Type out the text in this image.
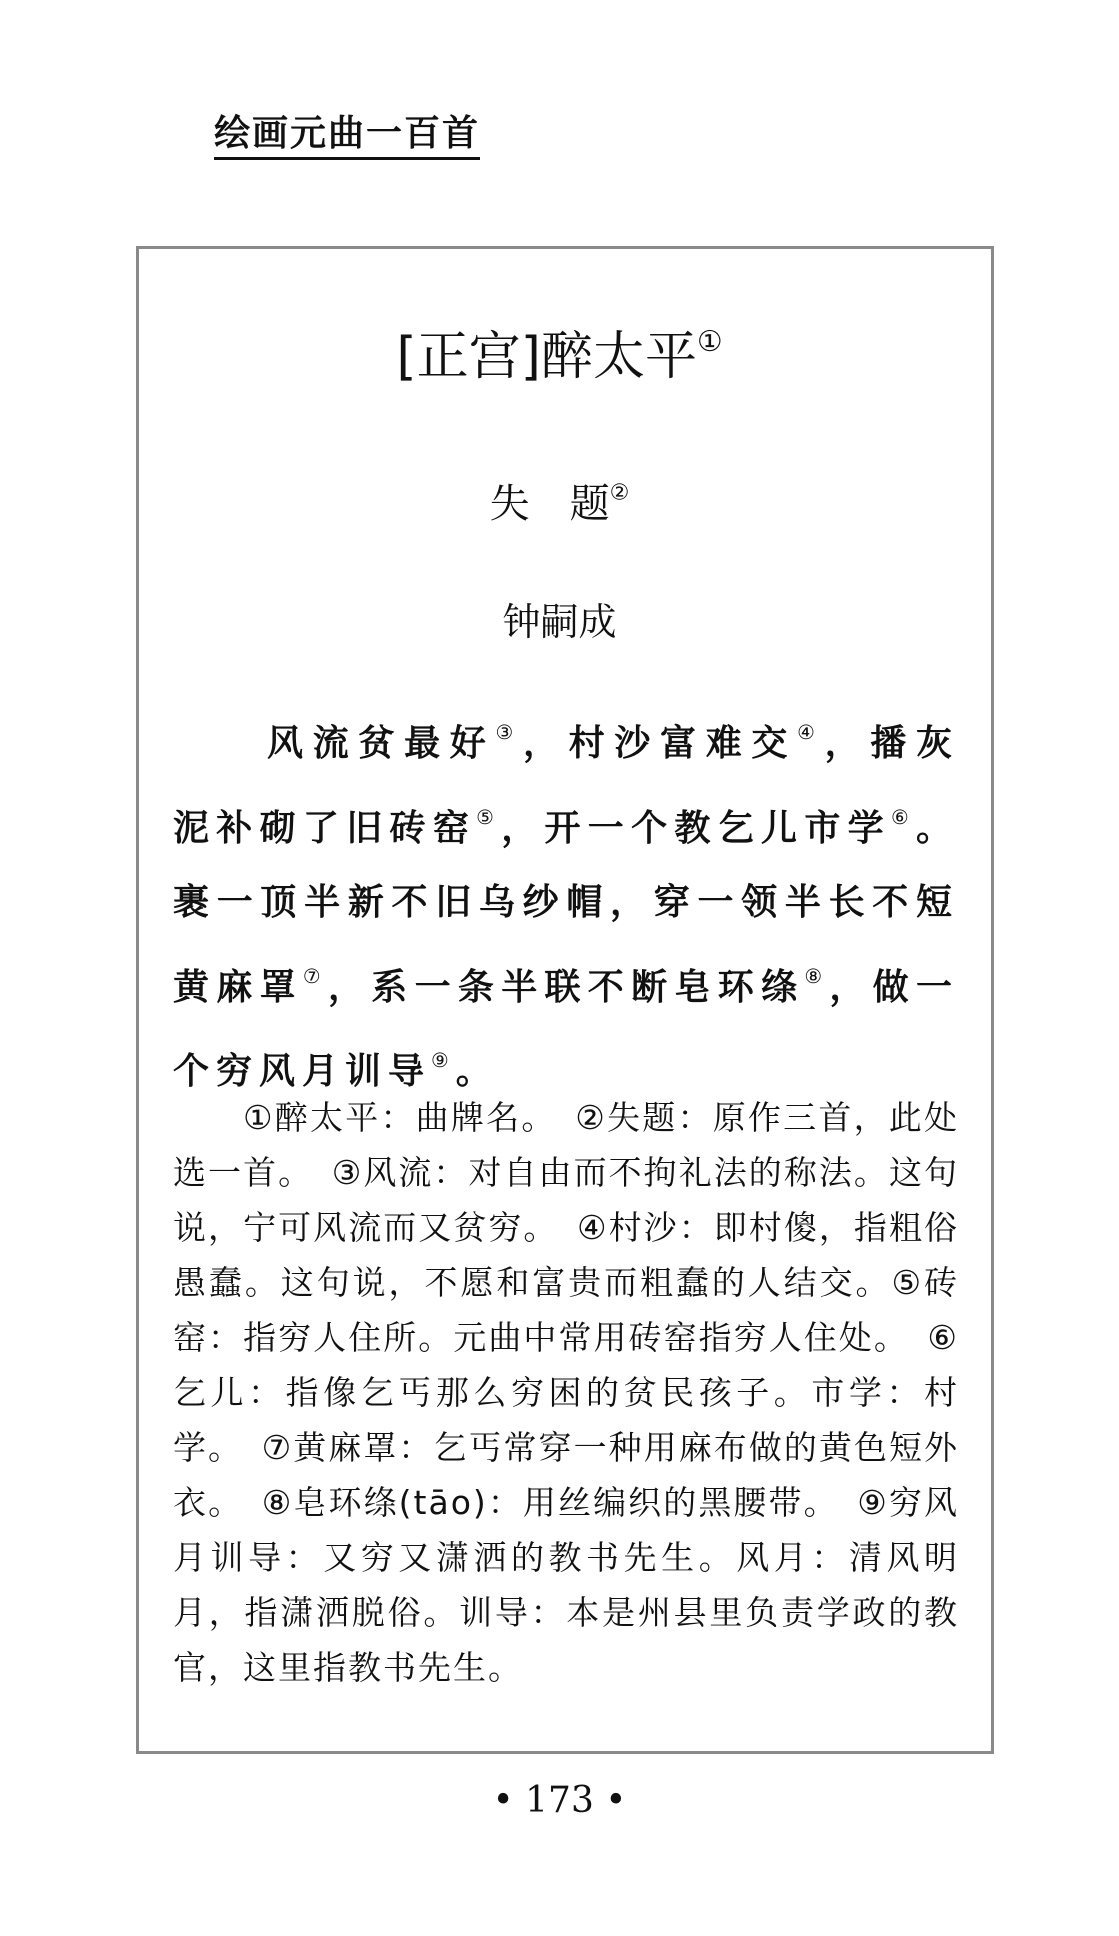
绘画元曲一百首
[正宫]醉太平①
失　题②
钟嗣成
风流贫最好③，村沙富难交④，播灰泥补砌了旧砖窑⑤，开一个教乞儿市学⑥。裹一顶半新不旧乌纱帽，穿一领半长不短黄麻罩⑦，系一条半联不断皂环绦⑧，做一个穷风月训导⑨。
①醉太平：曲牌名。　②失题：原作三首，此处选一首。　③风流：对自由而不拘礼法的称法。这句说，宁可风流而又贫穷。　④村沙：即村傻，指粗俗愚蠢。这句说，不愿和富贵而粗蠢的人结交。⑤砖窑：指穷人住所。元曲中常用砖窑指穷人住处。　⑥乞儿：指像乞丐那么穷困的贫民孩子。市学：村学。　⑦黄麻罩：乞丐常穿一种用麻布做的黄色短外衣。　⑧皂环绦(tāo)：用丝编织的黑腰带。　⑨穷风月训导：又穷又潇洒的教书先生。风月：清风明月，指潇洒脱俗。训导：本是州县里负责学政的教官，这里指教书先生。
• 173 •
